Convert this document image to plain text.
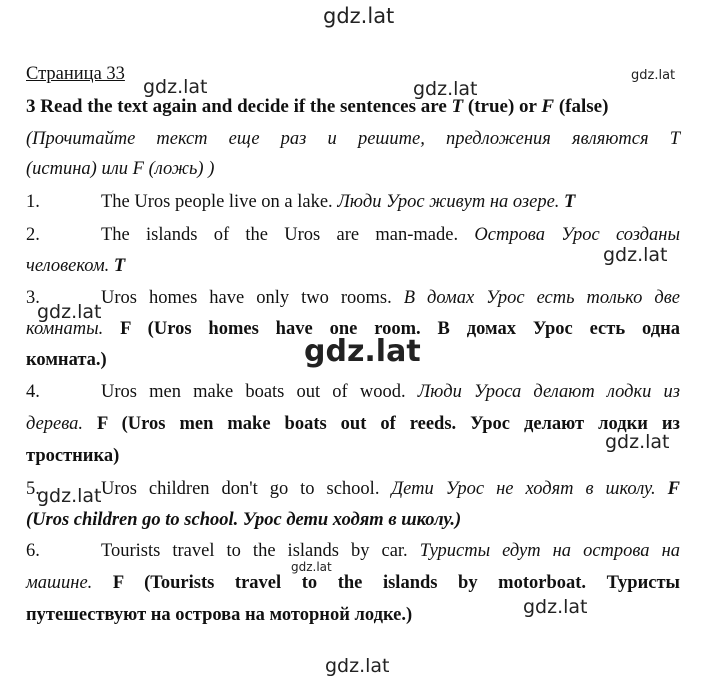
gdz.lat
gdz.lat	gdz.lat
gdz.lat
gdz.lat
gdz.lat
gdz.lat
gdz.lat
gdz.lat
gdz.lat
gdz.lat
gdz.lat
Страница 33
3 Read the text again and decide if the sentences are T (true) or F (false)
(Прочитайте текст еще раз и решите, предложения являются Т
(истина) или F (ложь) )
1.	The Uros people live on a lake. Люди Урос живут на озере. T
2.	The islands of the Uros are man-made. Острова Урос созданы
человеком. T
3.	Uros homes have only two rooms. В домах Урос есть только две
комнаты. F (Uros homes have one room. В домах Урос есть одна
комната.)
4.	Uros men make boats out of wood. Люди Уроса делают лодки из
дерева. F (Uros men make boats out of reeds. Урос делают лодки из
тростника)
5.	Uros children don't go to school. Дети Урос не ходят в школу. F
(Uros children go to school. Урос дети ходят в школу.)
6.	Tourists travel to the islands by car. Туристы едут на острова на
машине. F (Tourists travel to the islands by motorboat. Туристы
путешествуют на острова на моторной лодке.)
